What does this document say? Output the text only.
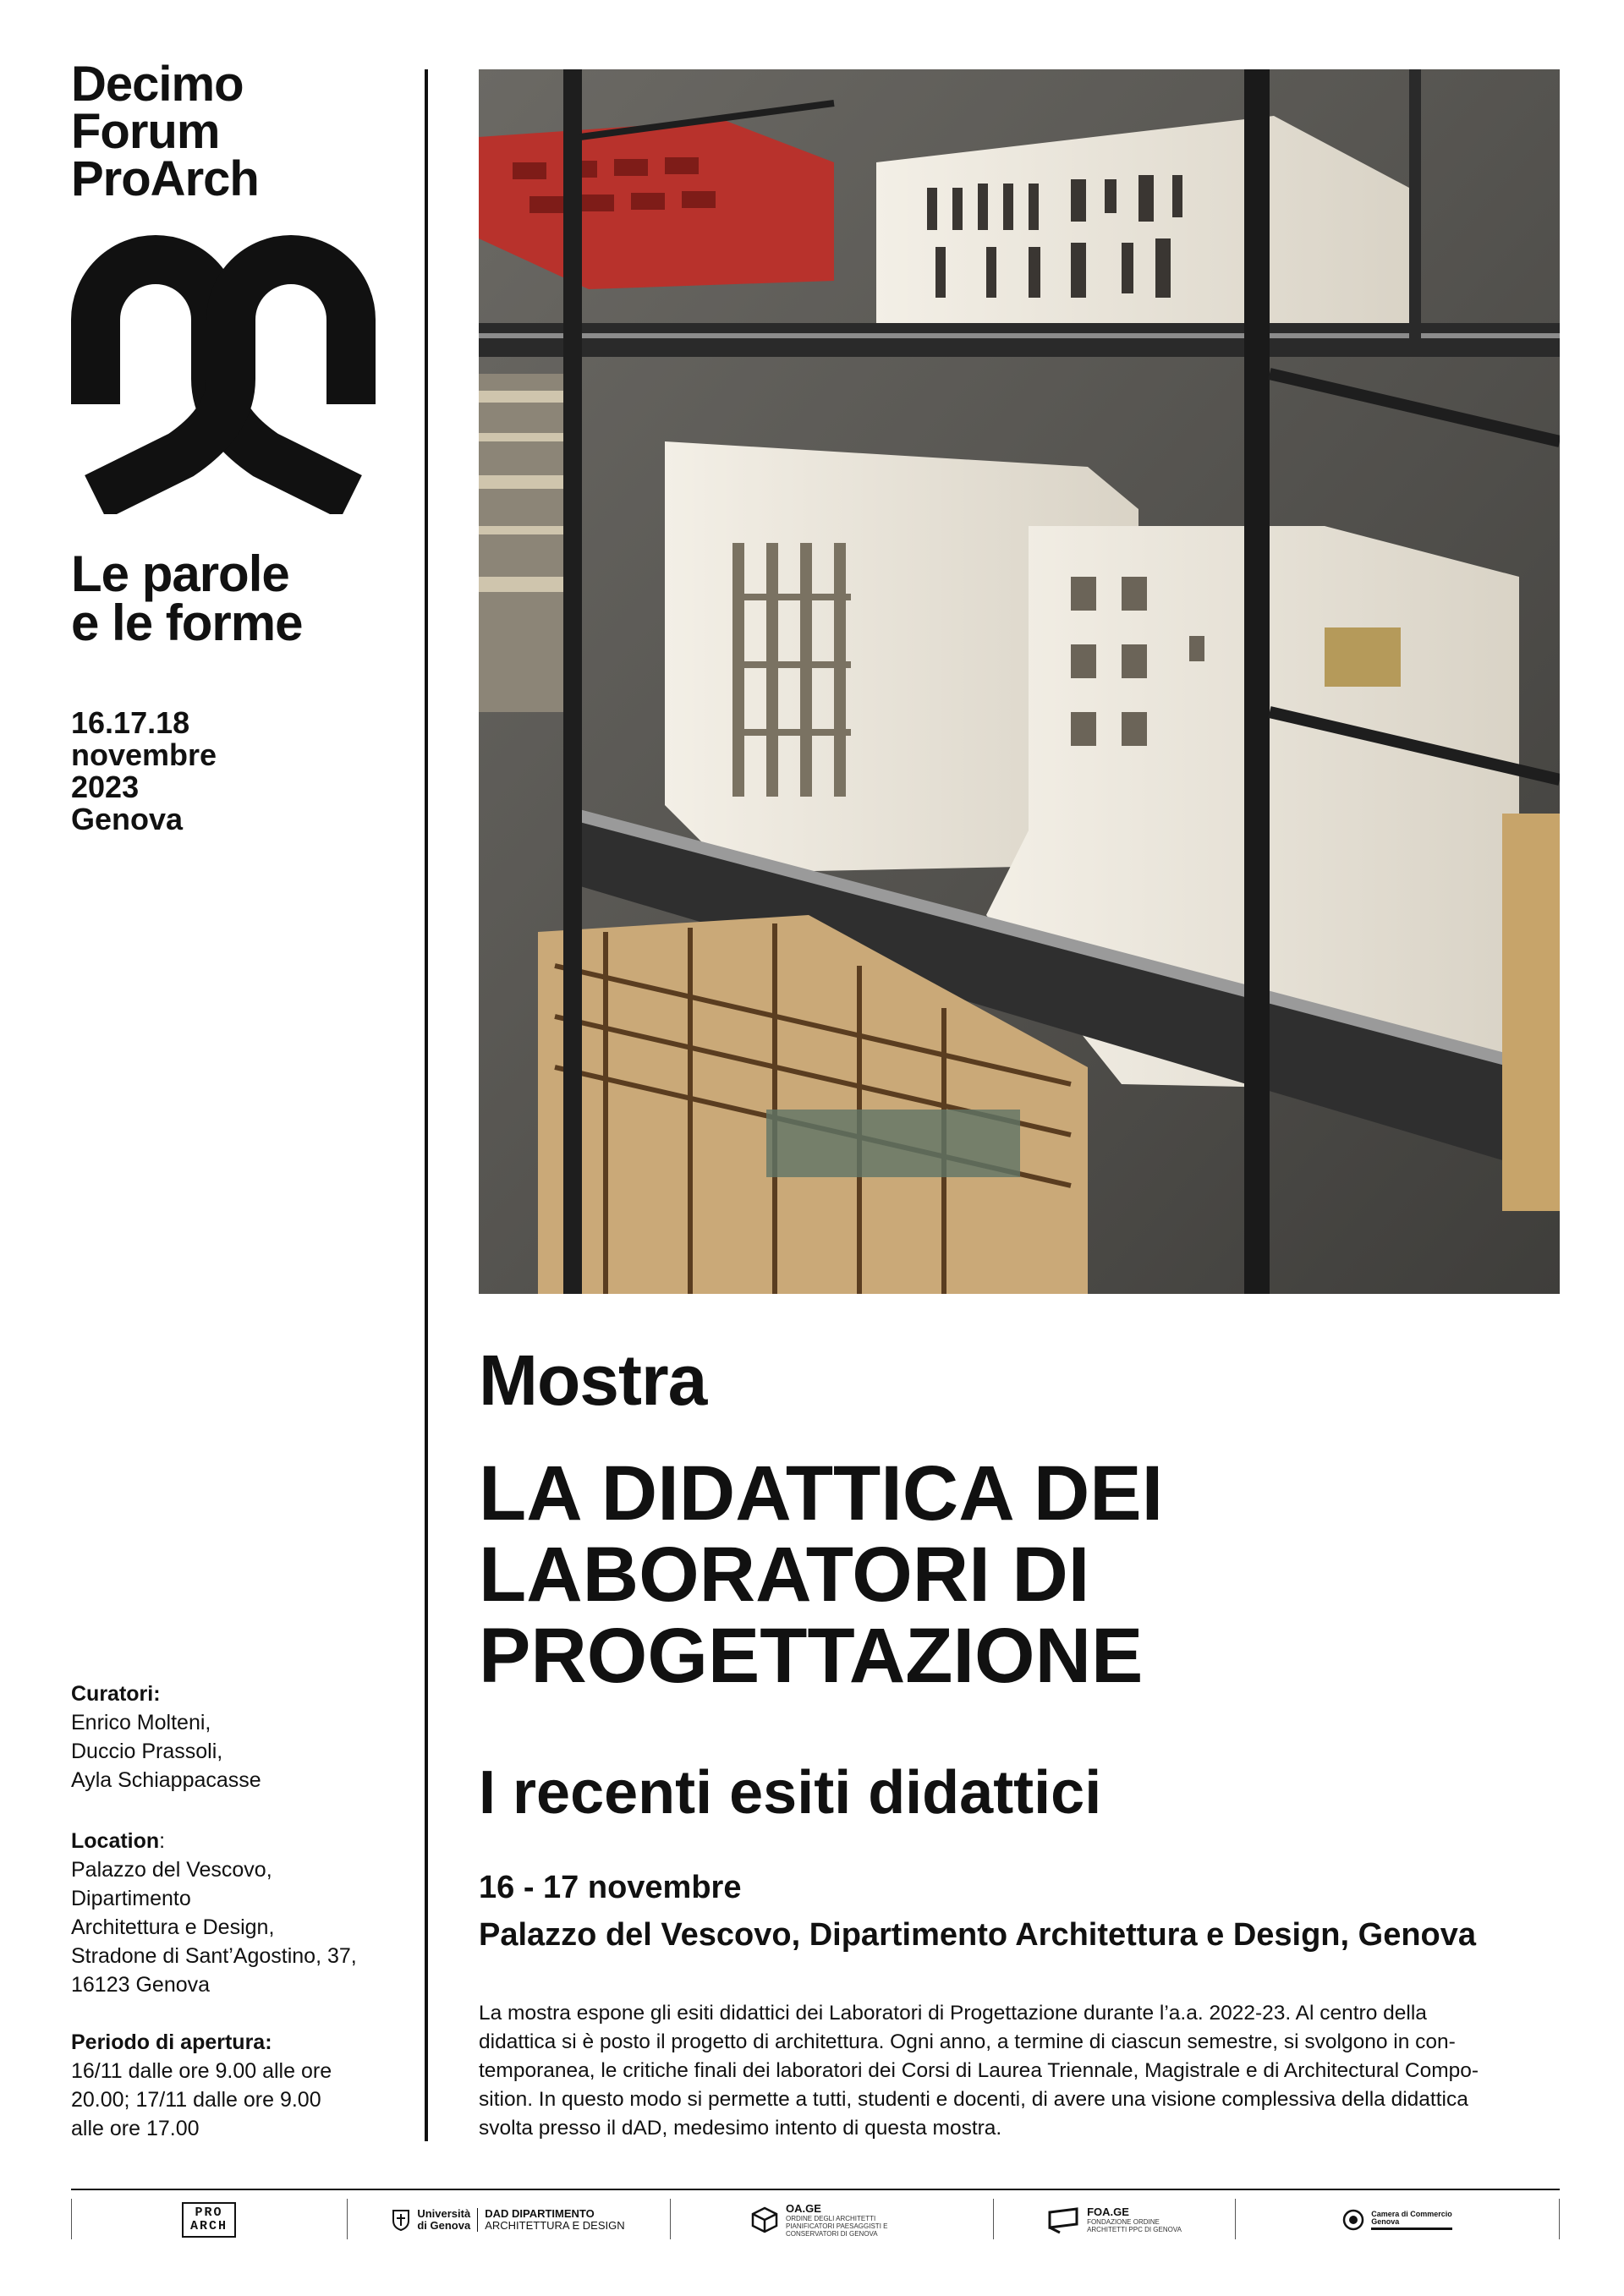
Decimo
Forum
ProArch
Le parole
e le forme
16.17.18
novembre
2023
Genova
Curatori:
Enrico Molteni,
Duccio Prassoli,
Ayla Schiappacasse
Location:
Palazzo del Vescovo,
Dipartimento
Architettura e Design,
Stradone di Sant’Agostino, 37,
16123 Genova
Periodo di apertura:
16/11 dalle ore 9.00 alle ore
20.00; 17/11 dalle ore 9.00
alle ore 17.00
Mostra
LA DIDATTICA DEI
LABORATORI DI
PROGETTAZIONE
I recenti esiti didattici
16 - 17 novembre
Palazzo del Vescovo, Dipartimento Architettura e Design, Genova
La mostra espone gli esiti didattici dei Laboratori di Progettazione durante l’a.a. 2022-23. Al centro della
didattica si è posto il progetto di architettura. Ogni anno, a termine di ciascun semestre, si svolgono in con-
temporanea, le critiche finali dei laboratori dei Corsi di Laurea Triennale, Magistrale e di Architectural Compo-
sition. In questo modo si permette a tutti, studenti e docenti, di avere una visione complessiva della didattica
svolta presso il dAD, medesimo intento di questa mostra.
PRO
ARCH
Università
di Genova
DAD DIPARTIMENTO
ARCHITETTURA E DESIGN
OA.GE
ORDINE DEGLI ARCHITETTI PIANIFICATORI PAESAGGISTI E CONSERVATORI DI GENOVA
FOA.GE
FONDAZIONE ORDINE
ARCHITETTI PPC DI GENOVA
Camera di Commercio
Genova
